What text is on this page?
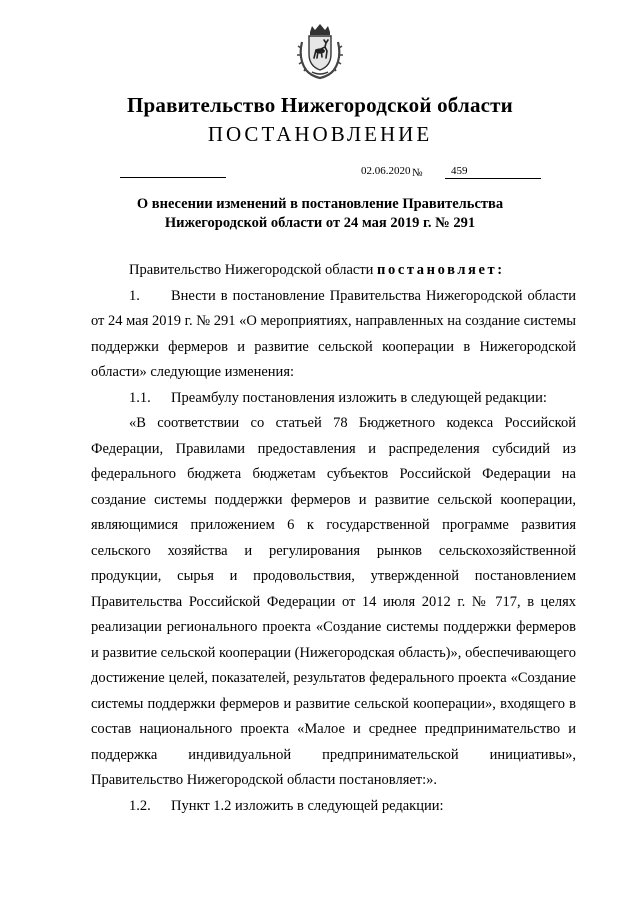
Правительство Нижегородской области
ПОСТАНОВЛЕНИЕ
02.06.2020 №	459
О внесении изменений в постановление Правительства
Нижегородской области от 24 мая 2019 г. № 291

Правительство Нижегородской области постановляет:

1. Внести в постановление Правительства Нижегородской области от 24 мая 2019 г. № 291 «О мероприятиях, направленных на создание системы поддержки фермеров и развитие сельской кооперации в Нижегородской области» следующие изменения:

1.1. Преамбулу постановления изложить в следующей редакции:

«В соответствии со статьей 78 Бюджетного кодекса Российской Федерации, Правилами предоставления и распределения субсидий из федерального бюджета бюджетам субъектов Российской Федерации на создание системы поддержки фермеров и развитие сельской кооперации, являющимися приложением 6 к государственной программе развития сельского хозяйства и регулирования рынков сельскохозяйственной продукции, сырья и продовольствия, утвержденной постановлением Правительства Российской Федерации от 14 июля 2012 г. № 717, в целях реализации регионального проекта «Создание системы поддержки фермеров и развитие сельской кооперации (Нижегородская область)», обеспечивающего достижение целей, показателей, результатов федерального проекта «Создание системы поддержки фермеров и развитие сельской кооперации», входящего в состав национального проекта «Малое и среднее предпринимательство и поддержка индивидуальной предпринимательской инициативы», Правительство Нижегородской области постановляет:».

1.2. Пункт 1.2 изложить в следующей редакции:
